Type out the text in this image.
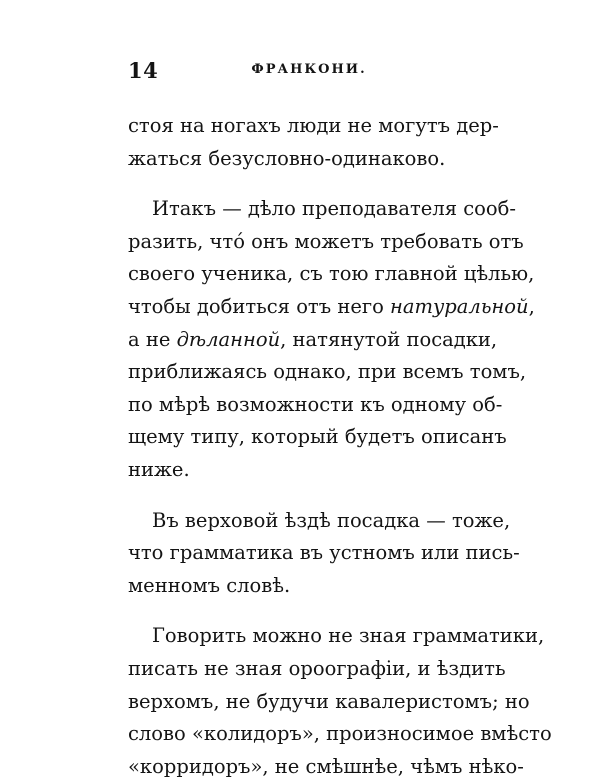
14	ФРАНКОНИ.

стоя на ногахъ люди не могутъ дер-
жаться безусловно-одинаково.

Итакъ — дѣло преподавателя сооб-
разить, чтó онъ можетъ требовать отъ
своего ученика, съ тою главной цѣлью,
чтобы добиться отъ него натуральной,
а не дѣланной, натянутой посадки,
приближаясь однако, при всемъ томъ,
по мѣрѣ возможности къ одному об-
щему типу, который будетъ описанъ
ниже.

Въ верховой ѣздѣ посадка — тоже,
что грамматика въ устномъ или пись-
менномъ словѣ.

Говорить можно не зная грамматики,
писать не зная ороографіи, и ѣздить
верхомъ, не будучи кавалеристомъ; но
слово «колидоръ», произносимое вмѣсто
«корридоръ», не смѣшнѣе, чѣмъ нѣко-
